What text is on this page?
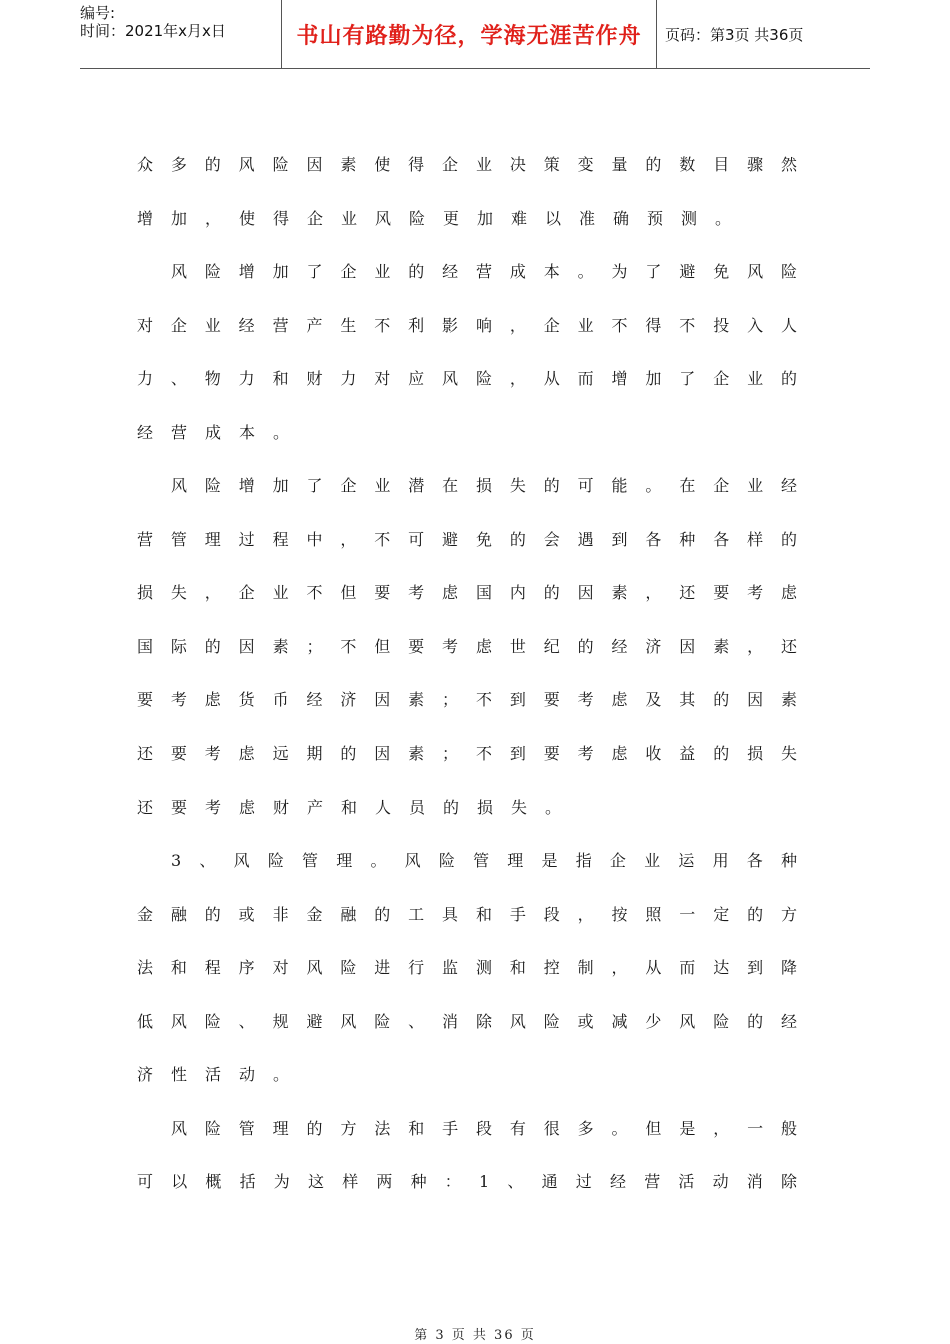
编号:
时间：2021年x月x日	书山有路勤为径，学海无涯苦作舟 页码：第3页 共36页
众多的风险因素使得企业决策变量的数目骤然
增加，使得企业风险更加难以准确预测。
风险增加了企业的经营成本。为了避免风险
对企业经营产生不利影响，企业不得不投入人
力、物力和财力对应风险，从而增加了企业的
经营成本。
风险增加了企业潜在损失的可能。在企业经
营管理过程中，不可避免的会遇到各种各样的
损失，企业不但要考虑国内的因素，还要考虑
国际的因素；不但要考虑世纪的经济因素，还
要考虑货币经济因素；不到要考虑及其的因素
还要考虑远期的因素；不到要考虑收益的损失
还要考虑财产和人员的损失。
3、风险管理。风险管理是指企业运用各种
金融的或非金融的工具和手段，按照一定的方
法和程序对风险进行监测和控制，从而达到降
低风险、规避风险、消除风险或减少风险的经
济性活动。
风险管理的方法和手段有很多。但是，一般
可以概括为这样两种：1、通过经营活动消除
第 3 页 共 36 页
